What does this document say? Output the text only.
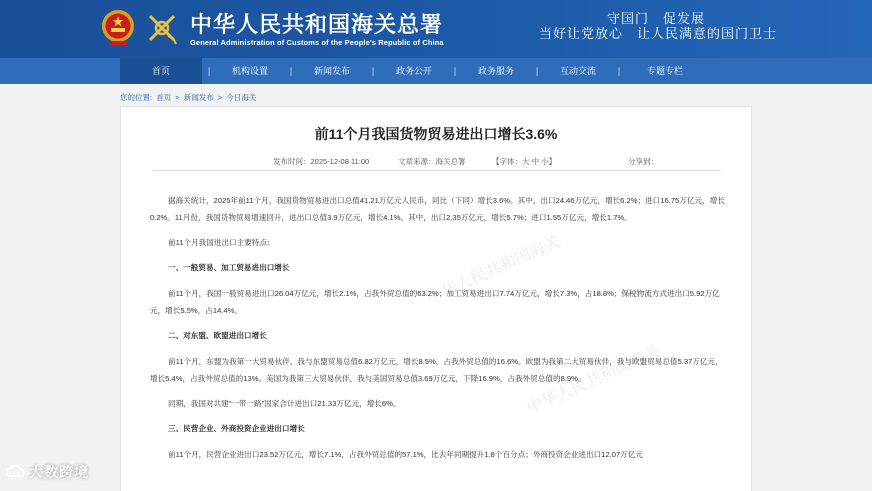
中华人民共和国海关总署
General Administration of Customs of the People's Republic of China
守国门　促发展
当好让党放心　让人民满意的国门卫士
首页	|	机构设置	|	新闻发布	|	政务公开	|	政务服务	|	互动交流	|	专题专栏
您的位置: 首页 > 新闻发布 > 今日海关
前11个月我国货物贸易进出口增长3.6%
发布时间：2025-12-08 11:00	文章来源：海关总署	【字体：大 中 小】	分享到：
中华人民共和国海关
中华人民共和国海关

据海关统计，2025年前11个月，我国货物贸易进出口总值41.21万亿元人民币，同比（下同）增长3.6%。其中，出口24.46万亿元，增长6.2%；进口16.75万亿元，增长0.2%。11月份，我国货物贸易增速回升，进出口总值3.9万亿元，增长4.1%。其中，出口2.35万亿元，增长5.7%；进口1.55万亿元，增长1.7%。

前11个月我国进出口主要特点：

一、一般贸易、加工贸易进出口增长

前11个月，我国一般贸易进出口26.04万亿元，增长2.1%，占我外贸总值的63.2%；加工贸易进出口7.74万亿元，增长7.3%，占18.8%；保税物流方式进出口5.92万亿元，增长5.5%，占14.4%。

二、对东盟、欧盟进出口增长

前11个月，东盟为我第一大贸易伙伴，我与东盟贸易总值6.82万亿元，增长8.5%，占我外贸总值的16.6%。欧盟为我第二大贸易伙伴，我与欧盟贸易总值5.37万亿元，增长5.4%，占我外贸总值的13%。美国为我第三大贸易伙伴，我与美国贸易总值3.69万亿元，下降16.9%，占我外贸总值的8.9%。

同期，我国对共建“一带一路”国家合计进出口21.33万亿元，增长6%。

三、民营企业、外商投资企业进出口增长

前11个月，民营企业进出口23.52万亿元，增长7.1%，占我外贸总值的57.1%，比去年同期提升1.8个百分点；外商投资企业进出口12.07万亿元

大数跨境
